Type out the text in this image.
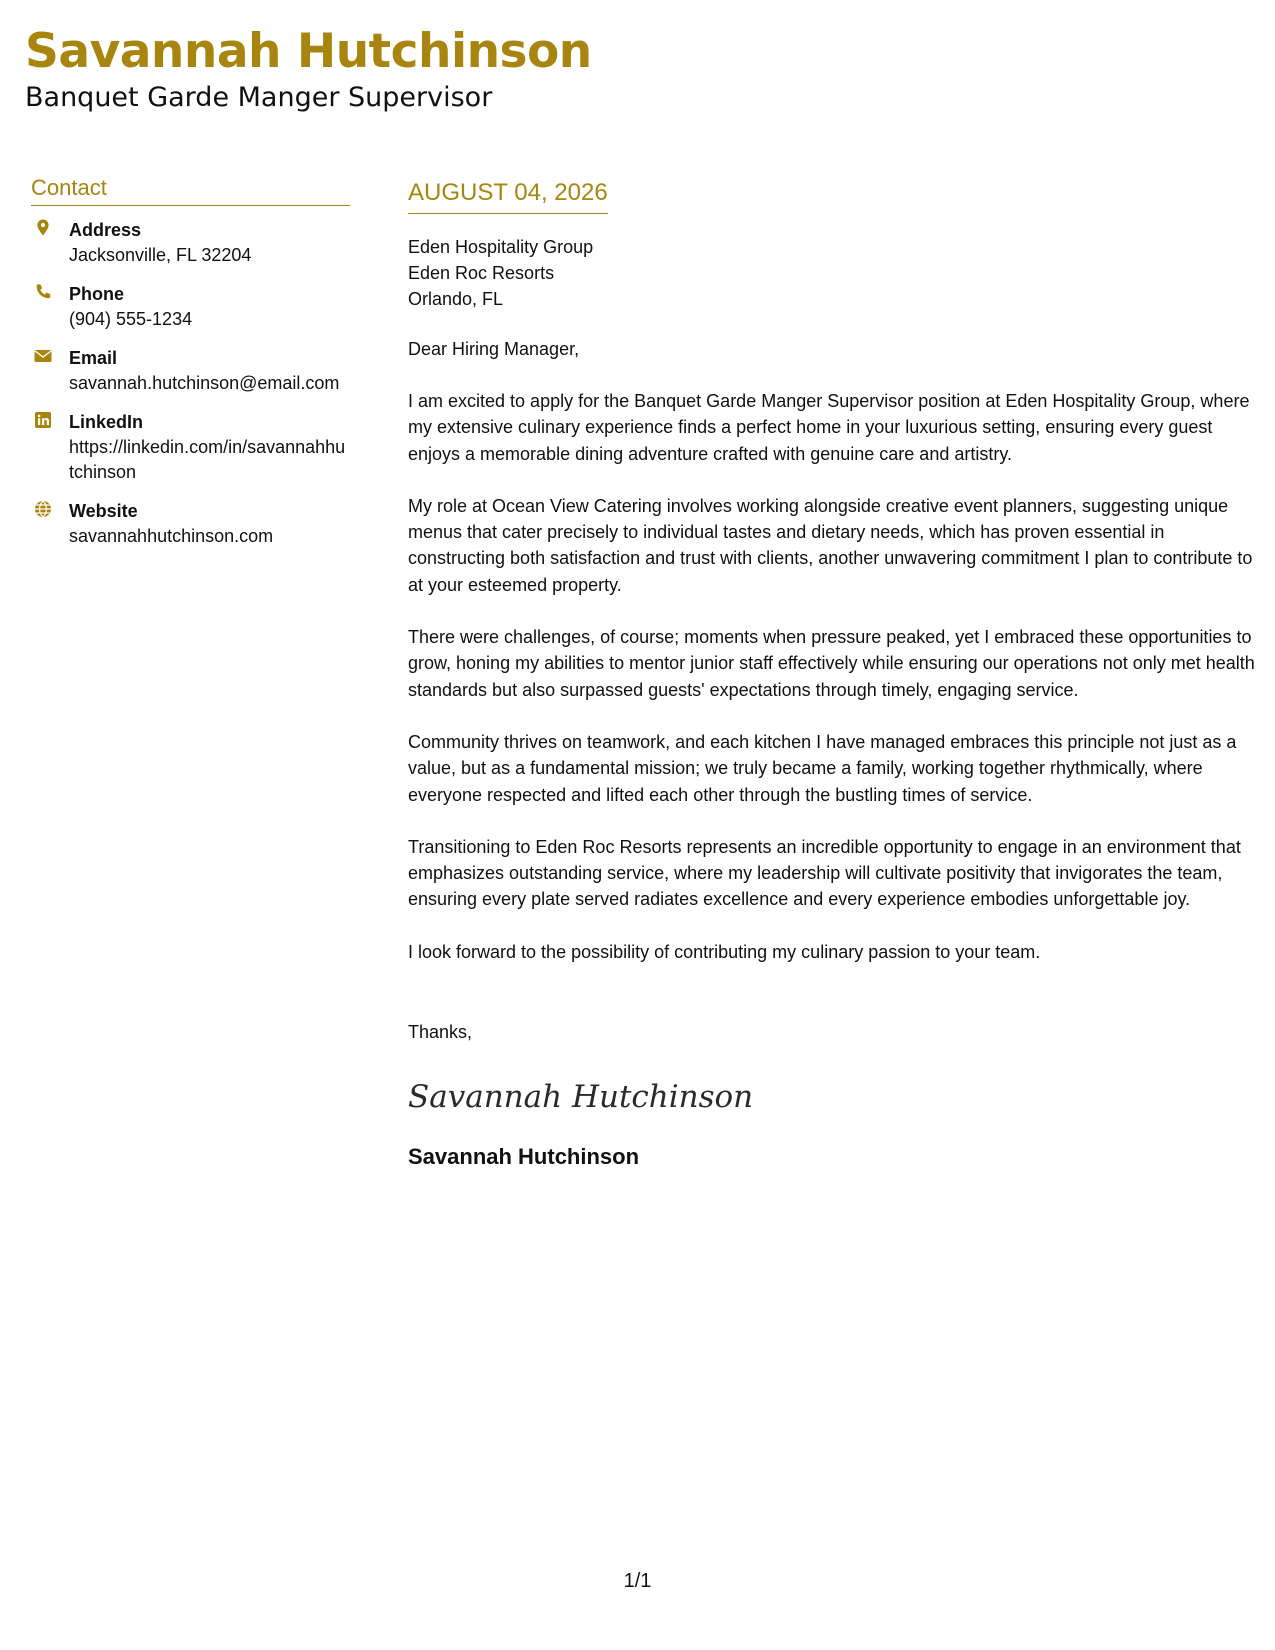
Savannah Hutchinson
Banquet Garde Manger Supervisor
Contact
Address
Jacksonville, FL 32204
Phone
(904) 555-1234
Email
savannah.hutchinson@email.com
LinkedIn
https://linkedin.com/in/savannahhutchinson
Website
savannahhutchinson.com
AUGUST 04, 2026
Eden Hospitality Group
Eden Roc Resorts
Orlando, FL
Dear Hiring Manager,
I am excited to apply for the Banquet Garde Manger Supervisor position at Eden Hospitality Group, where my extensive culinary experience finds a perfect home in your luxurious setting, ensuring every guest enjoys a memorable dining adventure crafted with genuine care and artistry.
My role at Ocean View Catering involves working alongside creative event planners, suggesting unique menus that cater precisely to individual tastes and dietary needs, which has proven essential in constructing both satisfaction and trust with clients, another unwavering commitment I plan to contribute to at your esteemed property.
There were challenges, of course; moments when pressure peaked, yet I embraced these opportunities to grow, honing my abilities to mentor junior staff effectively while ensuring our operations not only met health standards but also surpassed guests' expectations through timely, engaging service.
Community thrives on teamwork, and each kitchen I have managed embraces this principle not just as a value, but as a fundamental mission; we truly became a family, working together rhythmically, where everyone respected and lifted each other through the bustling times of service.
Transitioning to Eden Roc Resorts represents an incredible opportunity to engage in an environment that emphasizes outstanding service, where my leadership will cultivate positivity that invigorates the team, ensuring every plate served radiates excellence and every experience embodies unforgettable joy.
I look forward to the possibility of contributing my culinary passion to your team.
Thanks,
Savannah Hutchinson
Savannah Hutchinson
1/1
